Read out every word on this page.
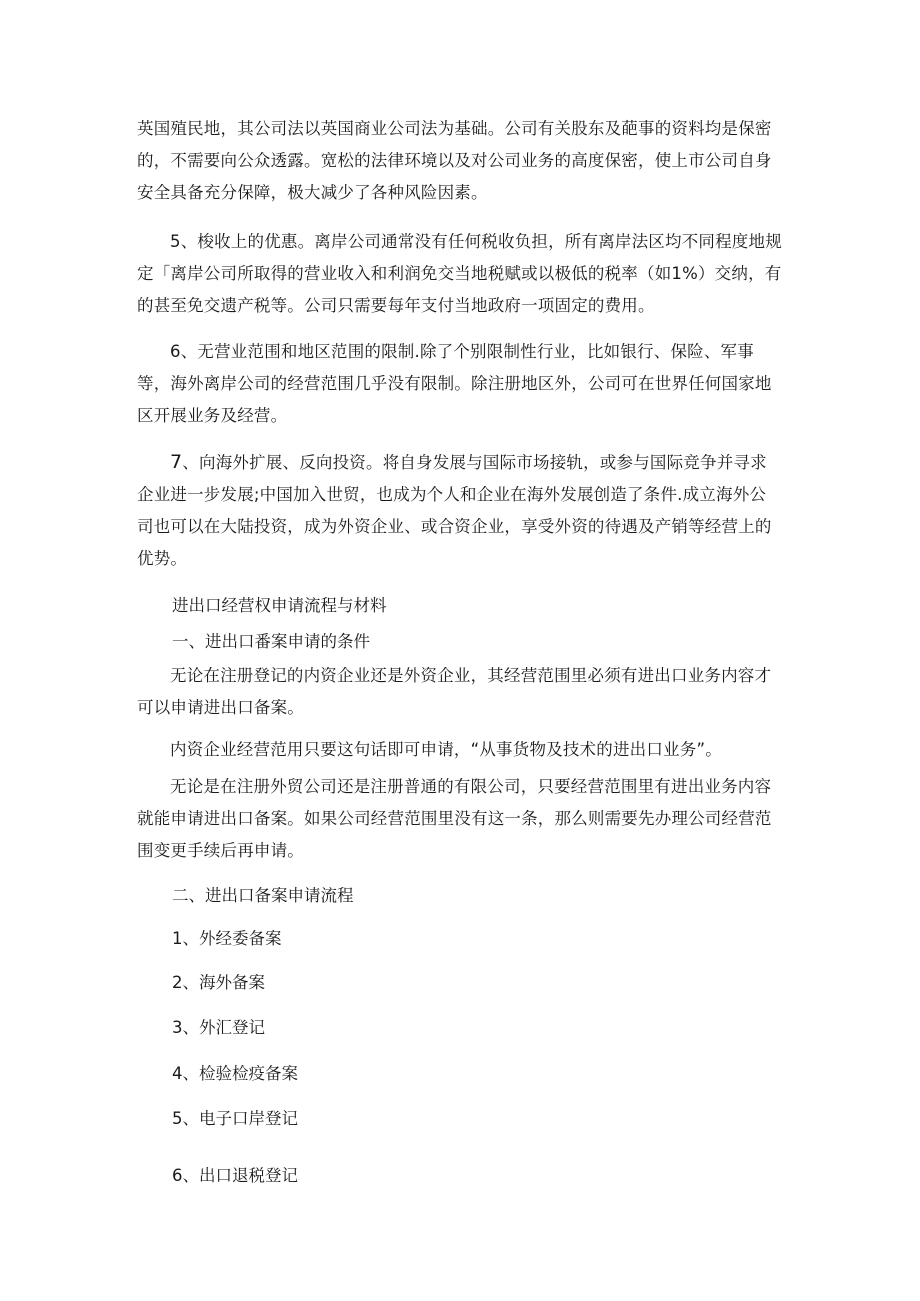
英国殖民地，其公司法以英国商业公司法为基础。公司有关股东及葩事的资料均是保密的，不需要向公众透露。宽松的法律环境以及对公司业务的高度保密，使上市公司自身安全具备充分保障，极大减少了各种风险因素。

5、梭收上的优惠。离岸公司通常没有任何税收负担，所有离岸法区均不同程度地规定「离岸公司所取得的营业收入和利润免交当地税赋或以极低的税率（如1%）交纳，有的甚至免交遗产税等。公司只需要每年支付当地政府一项固定的费用。

6、无营业范围和地区范围的限制.除了个别限制性行业，比如银行、保险、军事等，海外离岸公司的经营范围几乎没有限制。除注册地区外，公司可在世界任何国家地区开展业务及经营。

7、向海外扩展、反向投资。将自身发展与国际市场接轨，或参与国际竞争并寻求企业进一步发展;中国加入世贸，也成为个人和企业在海外发展创造了条件.成立海外公司也可以在大陆投资，成为外资企业、或合资企业，享受外资的待遇及产销等经营上的优势。

进出口经营权申请流程与材料

一、进出口番案申请的条件

无论在注册登记的内资企业还是外资企业，其经营范围里必须有进出口业务内容才可以申请进出口备案。

内资企业经营范用只要这句话即可申请，“从事货物及技术的进出口业务”。

无论是在注册外贸公司还是注册普通的有限公司，只要经营范围里有进出业务内容就能申请进出口备案。如果公司经营范围里没有这一条，那么则需要先办理公司经营范围变更手续后再申请。

二、进出口备案申请流程

1、外经委备案

2、海外备案

3、外汇登记

4、检验检疫备案

5、电子口岸登记

6、出口退税登记
